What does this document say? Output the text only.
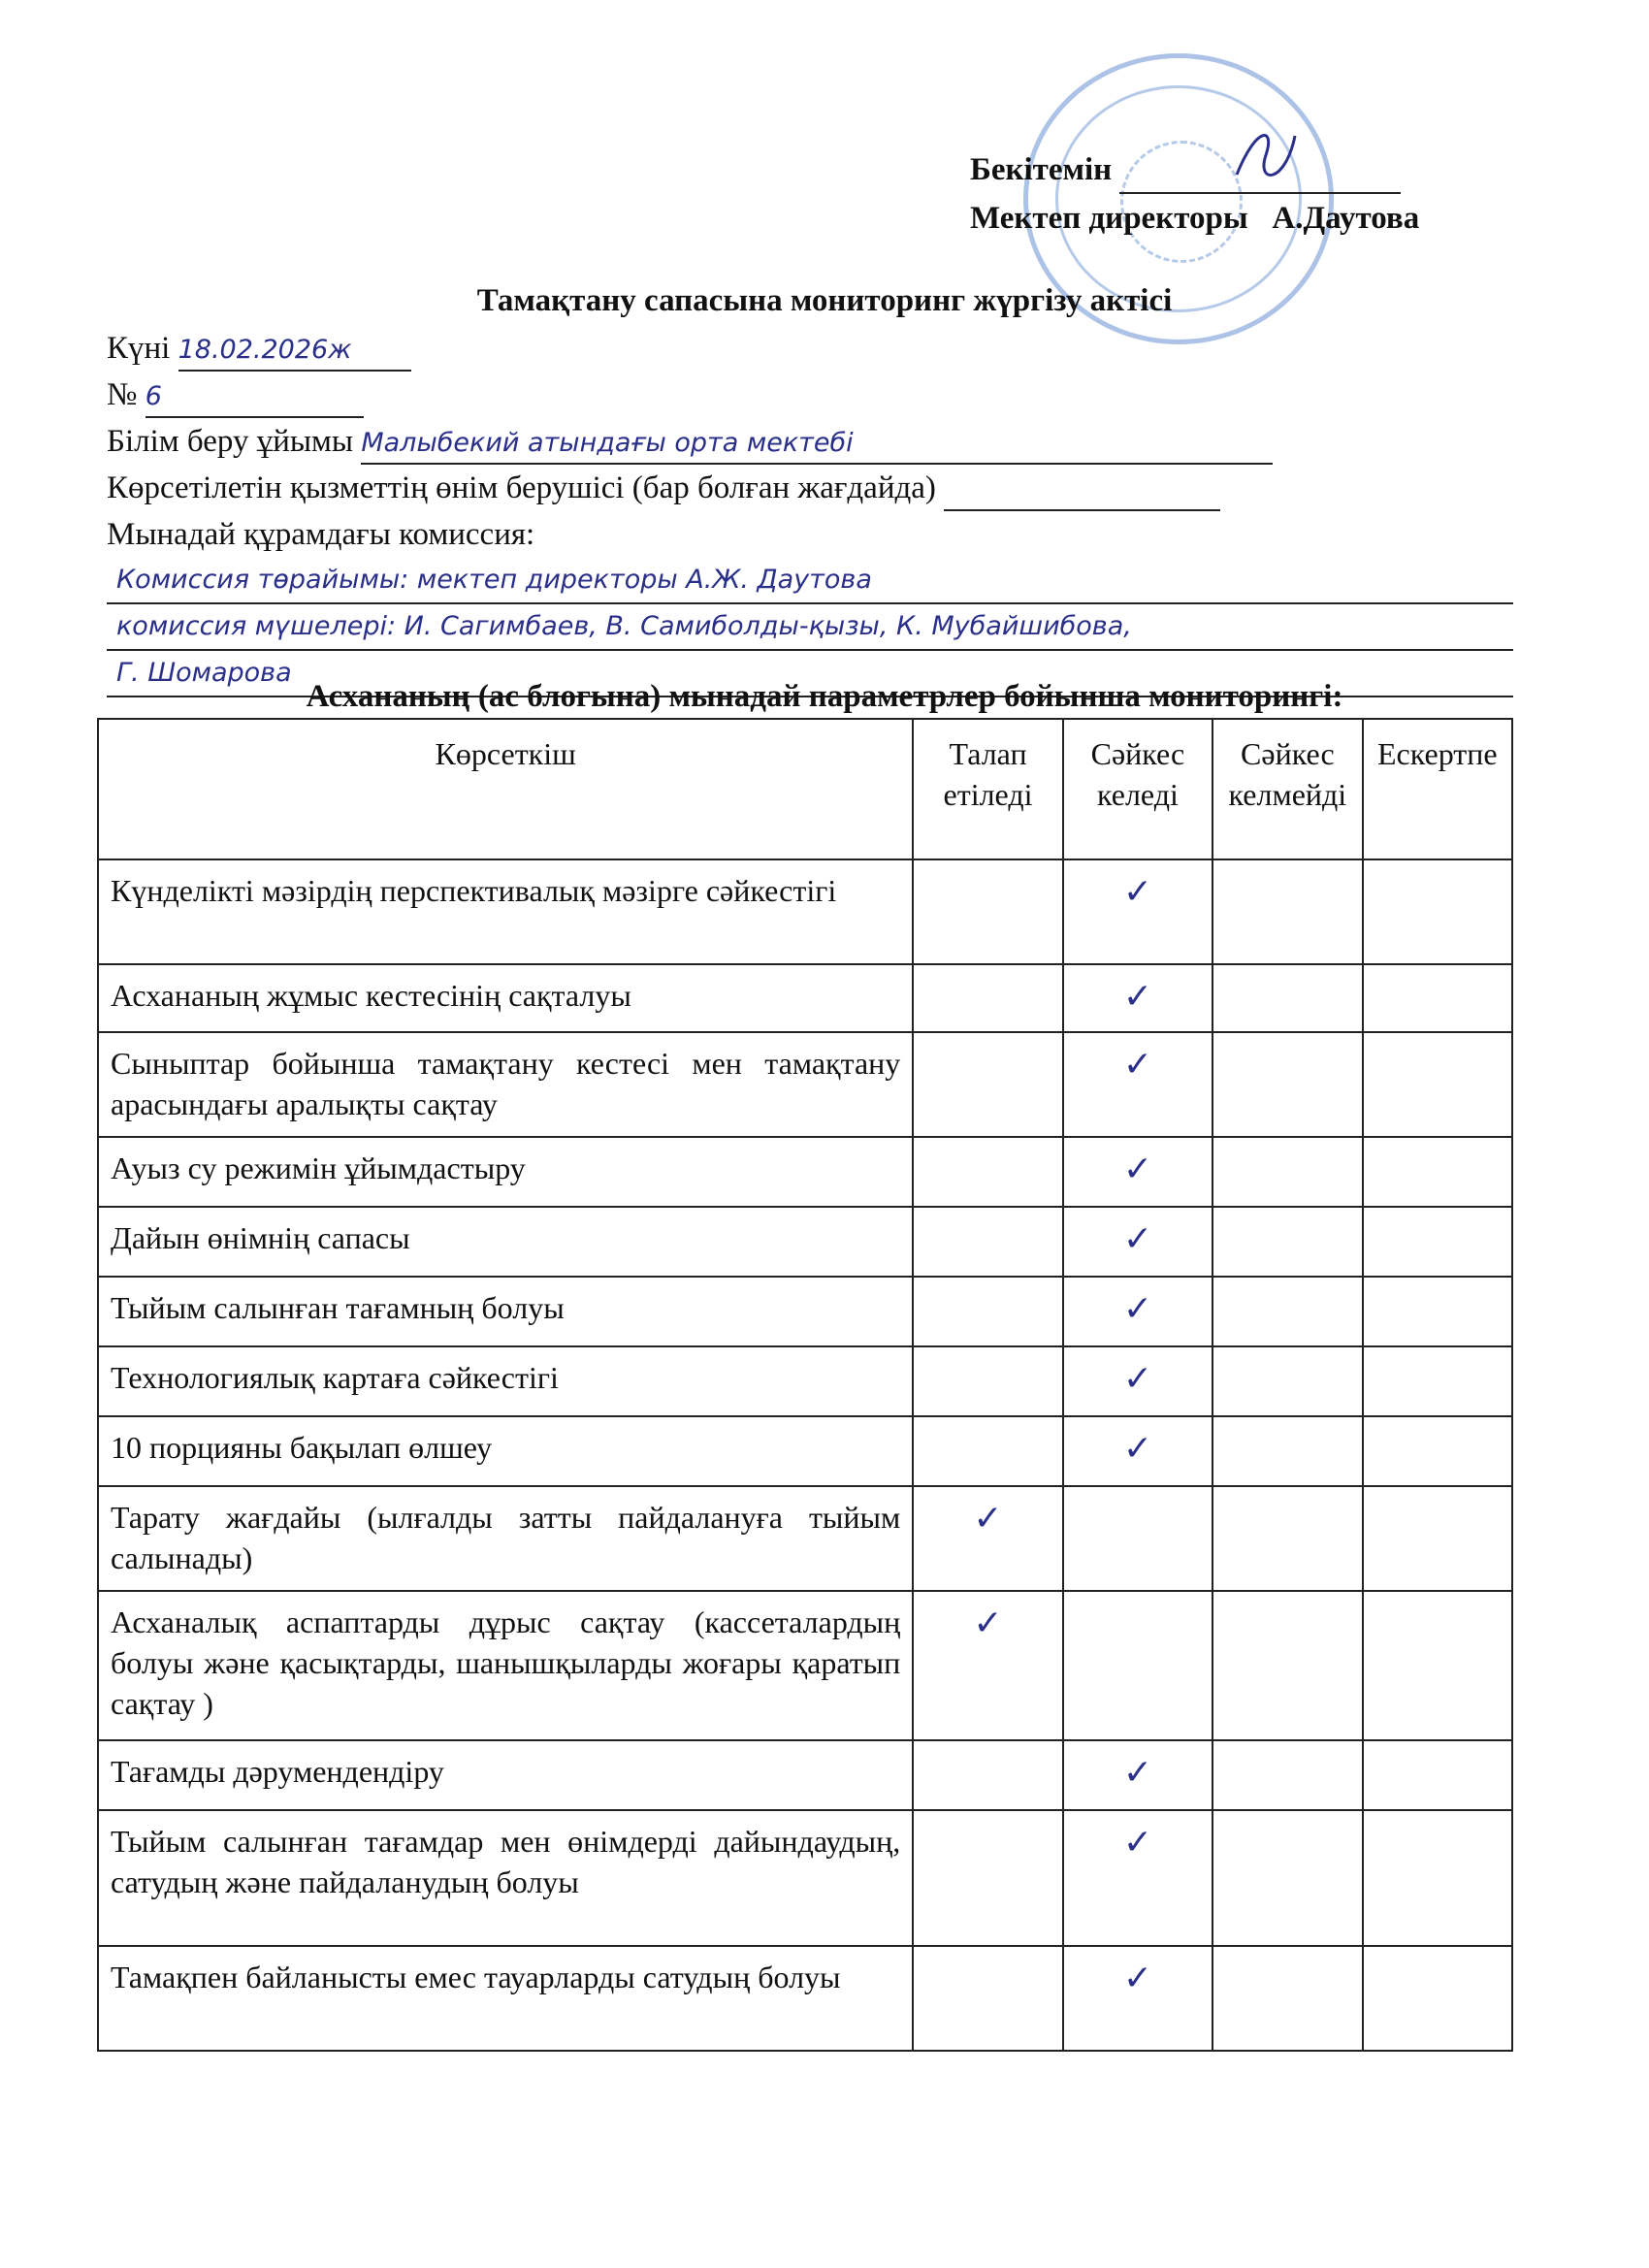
Бекітемін
Мектеп директоры А.Даутова
Тамақтану сапасына мониторинг жүргізу актісі
Күні 18.02.2026ж
№ 6
Білім беру ұйымы Малыбекий атындағы орта мектебі
Көрсетілетін қызметтің өнім берушісі (бар болған жағдайда)
Мынадай құрамдағы комиссия:
Комиссия төрайымы: мектеп директоры А.Ж. Даутова
комиссия мүшелері: И. Сагимбаев, В. Самиболды-қызы, К. Мубайшибова,
Г. Шомарова
Асхананың (ас блогына) мынадай параметрлер бойынша мониторингі:
Көрсеткіш	Талап етіледі	Сәйкес келеді	Сәйкес келмейді	Ескертпе
Күнделікті мәзірдің перспективалық мәзірге сәйкестігі		✓		
Асхананың жұмыс кестесінің сақталуы		✓		
Сыныптар бойынша тамақтану кестесі мен тамақтану арасындағы аралықты сақтау		✓		
Ауыз су режимін ұйымдастыру		✓		
Дайын өнімнің сапасы		✓		
Тыйым салынған тағамның болуы		✓		
Технологиялық картаға сәйкестігі		✓		
10 порцияны бақылап өлшеу		✓		
Тарату жағдайы (ылғалды затты пайдалануға тыйым салынады)	✓			
Асханалық аспаптарды дұрыс сақтау (кассеталардың болуы және қасықтарды, шанышқыларды жоғары қаратып сақтау )	✓			
Тағамды дәрумендендіру		✓		
Тыйым салынған тағамдар мен өнімдерді дайындаудың, сатудың және пайдаланудың болуы		✓		
Тамақпен байланысты емес тауарларды сатудың болуы		✓		
